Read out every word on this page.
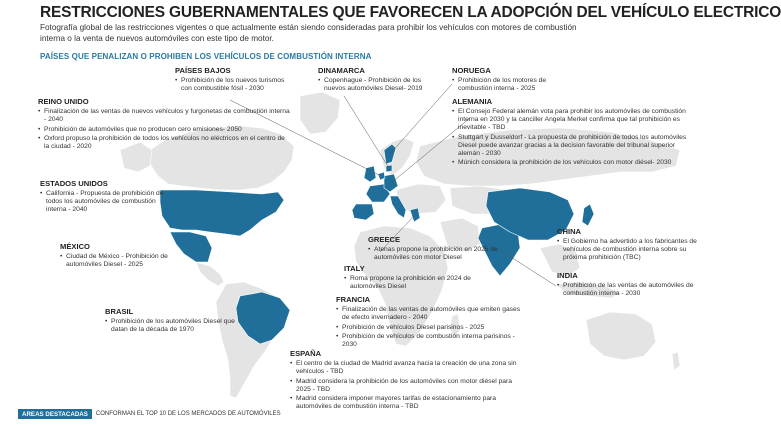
RESTRICCIONES GUBERNAMENTALES QUE FAVORECEN LA ADOPCIÓN DEL VEHÍCULO ELECTRICO
Fotografía global de las restricciones vigentes o que actualmente están siendo consideradas para prohibir los vehículos con motores de combustión interna o la venta de nuevos automóviles con este tipo de motor.
PAÍSES QUE PENALIZAN O PROHIBEN LOS VEHÍCULOS DE COMBUSTIÓN INTERNA
PAÍSES BAJOS
• Prohibición de los nuevos turismos con combustible fósil - 2030
DINAMARCA
• Copenhague - Prohibición de los nuevos automóviles Diesel- 2019
NORUEGA
• Prohibición de los motores de combustión interna - 2025
ALEMANIA
• El Consejo Federal alemán vota para prohibir los automóviles de combustión interna en 2030 y la canciller Angela Merkel confirma que tal prohibición es inevitable - TBD
• Stuttgart y Dusseldorf - La propuesta de prohibición de todos los automóviles Diesel puede avanzar gracias a la decision favorable del tribunal superior alemán - 2030
• Múnich considera la prohibición de los vehículos con motor diésel- 2030
REINO UNIDO
• Finalización de las ventas de nuevos vehículos y furgonetas de combustión interna - 2040
• Prohibición de automóviles que no producen cero emisiones- 2050
• Oxford propuso la prohibición de todos los vehículos no eléctricos en el centro de la ciudad - 2020
ESTADOS UNIDOS
• California - Propuesta de prohibición de todos los automóviles de combustión interna - 2040
MÉXICO
• Ciudad de México - Prohibición de automóviles Diesel - 2025
BRASIL
• Prohibición de los automóviles Diesel que datan de la década de 1970
GREECE
• Atenas propone la prohibición en 2025 de automóviles con motor Diesel
ITALY
• Roma propone la prohibición en 2024 de automóviles Diesel
FRANCIA
• Finalización de las ventas de automóviles que emiten gases de efecto invernadero - 2040
• Prohibición de vehículos Diesel parisinos - 2025
• Prohibición de vehículos de combustión interna parisinos - 2030
ESPAÑA
• El centro de la ciudad de Madrid avanza hacia la creación de una zona sin vehículos - TBD
• Madrid considera la prohibición de los automóviles con motor diésel para 2025 - TBD
• Madrid considera imponer mayores tarifas de estacionamiento para automóviles de combustión interna - TBD
CHINA
• El Gobierno ha advertido a los fabricantes de vehículos de combustión interna sobre su próxima prohibición (TBC)
INDIA
• Prohibición de las ventas de automóviles de combustión interna - 2030
AREAS DESTACADAS	CONFORMAN EL TOP 10 DE LOS MERCADOS DE AUTOMÓVILES
